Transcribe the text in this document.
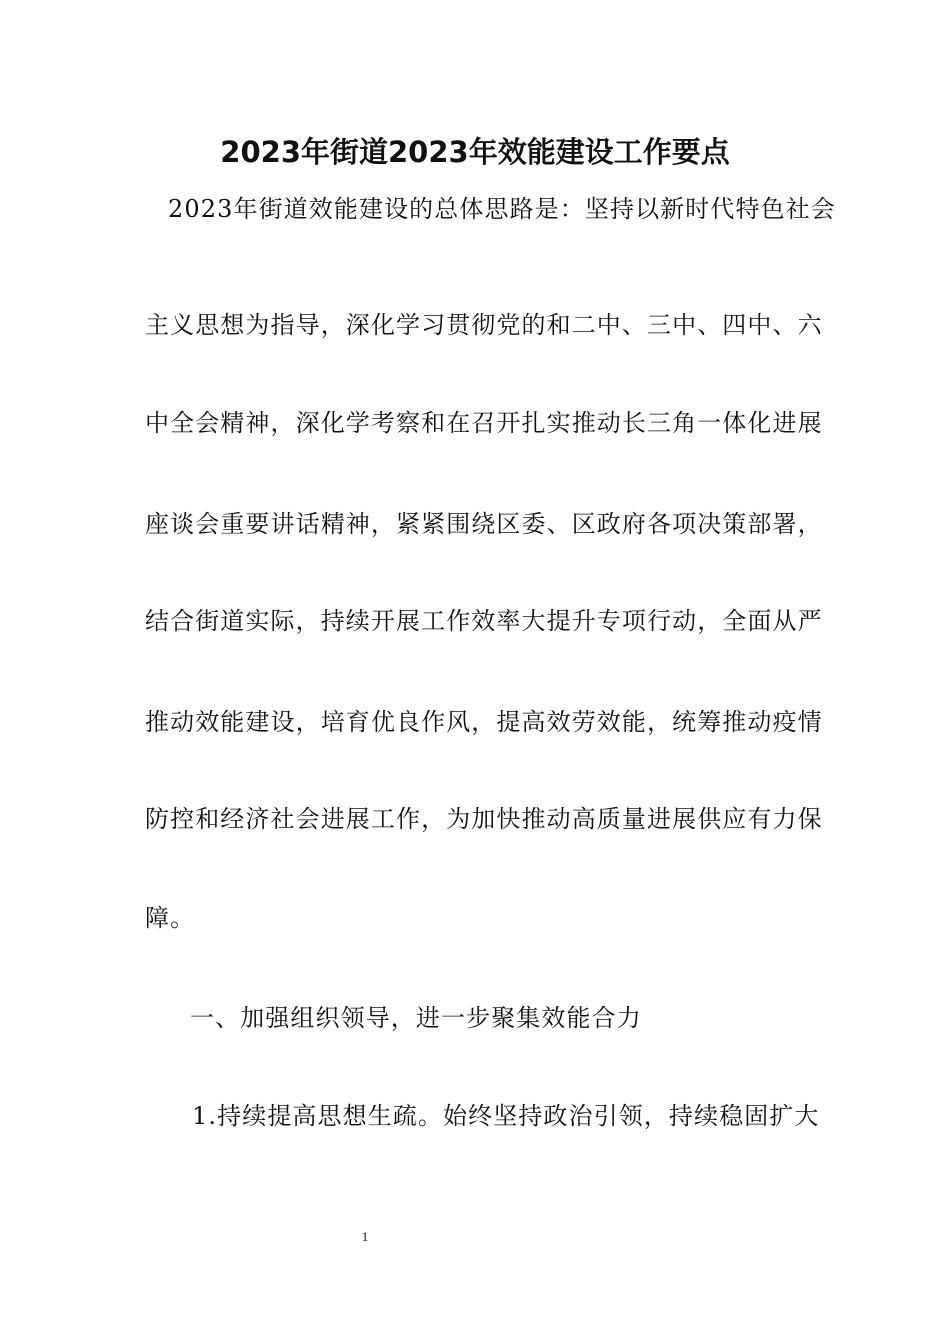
2023年街道2023年效能建设工作要点
2023年街道效能建设的总体思路是：坚持以新时代特色社会
主义思想为指导，深化学习贯彻党的和二中、三中、四中、六
中全会精神，深化学考察和在召开扎实推动长三角一体化进展
座谈会重要讲话精神，紧紧围绕区委、区政府各项决策部署，
结合街道实际，持续开展工作效率大提升专项行动，全面从严
推动效能建设，培育优良作风，提高效劳效能，统筹推动疫情
防控和经济社会进展工作，为加快推动高质量进展供应有力保
障。
一、加强组织领导，进一步聚集效能合力
1.持续提高思想生疏。始终坚持政治引领，持续稳固扩大
1
